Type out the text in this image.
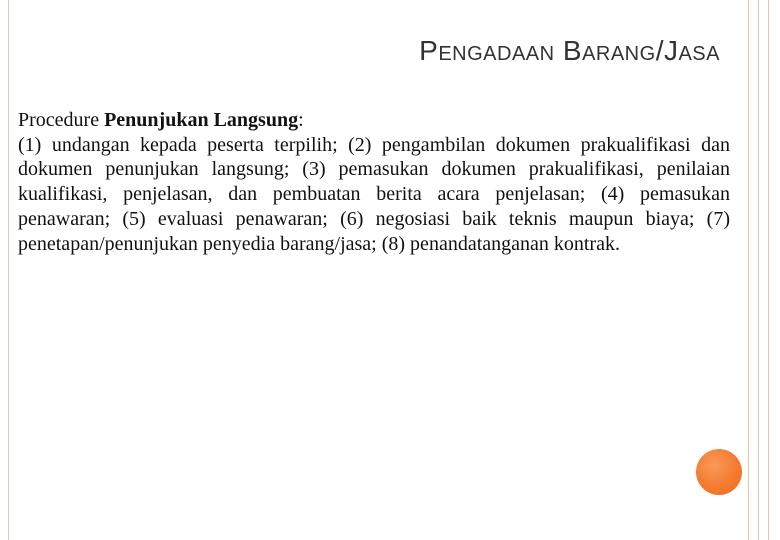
PENGADAAN BARANG/JASA

Procedure Penunjukan Langsung:

(1) undangan kepada peserta terpilih; (2) pengambilan dokumen prakualifikasi dan dokumen penunjukan langsung; (3) pemasukan dokumen prakualifikasi, penilaian kualifikasi, penjelasan, dan pembuatan berita acara penjelasan; (4) pemasukan penawaran; (5) evaluasi penawaran; (6) negosiasi baik teknis maupun biaya; (7) penetapan/penunjukan penyedia barang/jasa; (8) penandatanganan kontrak.
